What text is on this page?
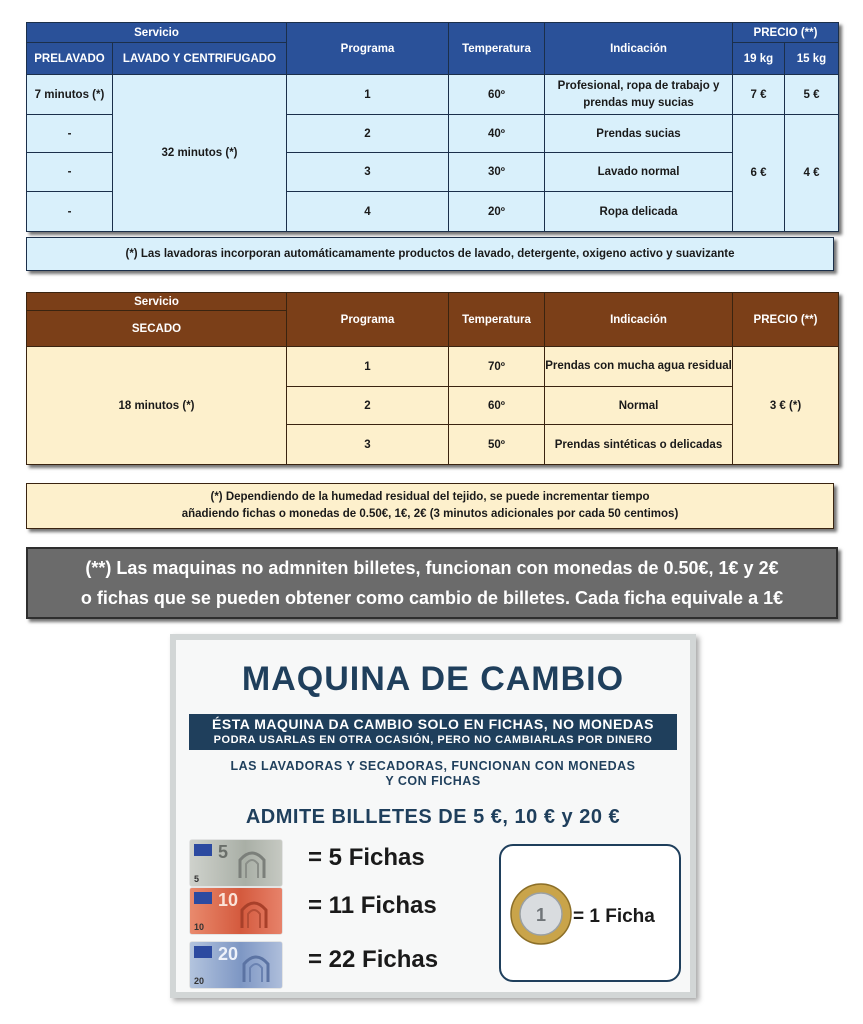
Servicio		Programa	Temperatura	Indicación	PRECIO (**)	
PRELAVADO	LAVADO Y CENTRIFUGADO				19 kg	15 kg
7 minutos (*)	32 minutos (*)	1	60º	Profesional, ropa de trabajo y prendas muy sucias	7 €	5 €
-		2	40º	Prendas sucias	6 €	4 €
-		3	30º	Lavado normal		
-		4	20º	Ropa delicada		
(*) Las lavadoras incorporan automáticamamente productos de lavado, detergente, oxigeno activo y suavizante
Servicio	Programa	Temperatura	Indicación	PRECIO (**)
SECADO				
18 minutos (*)	1	70º	Prendas con mucha agua residual	3 € (*)
	2	60º	Normal	
	3	50º	Prendas sintéticas o delicadas	
(*) Dependiendo de la humedad residual del tejido, se puede incrementar tiempo
añadiendo fichas o monedas de 0.50€, 1€, 2€ (3 minutos adicionales por cada 50 centimos)
(**) Las maquinas no admniten billetes, funcionan con monedas de 0.50€, 1€ y 2€
o fichas que se pueden obtener como cambio de billetes. Cada ficha equivale a 1€
MAQUINA DE CAMBIO
ÉSTA MAQUINA DA CAMBIO SOLO EN FICHAS, NO MONEDAS
PODRA USARLAS EN OTRA OCASIÓN, PERO NO CAMBIARLAS POR DINERO
LAS LAVADORAS Y SECADORAS, FUNCIONAN CON MONEDAS
Y CON FICHAS
ADMITE BILLETES DE 5 €, 10 € y 20 €
5
5
= 5 Fichas
10
10
= 11 Fichas
20
20
= 22 Fichas
1 = 1 Ficha
